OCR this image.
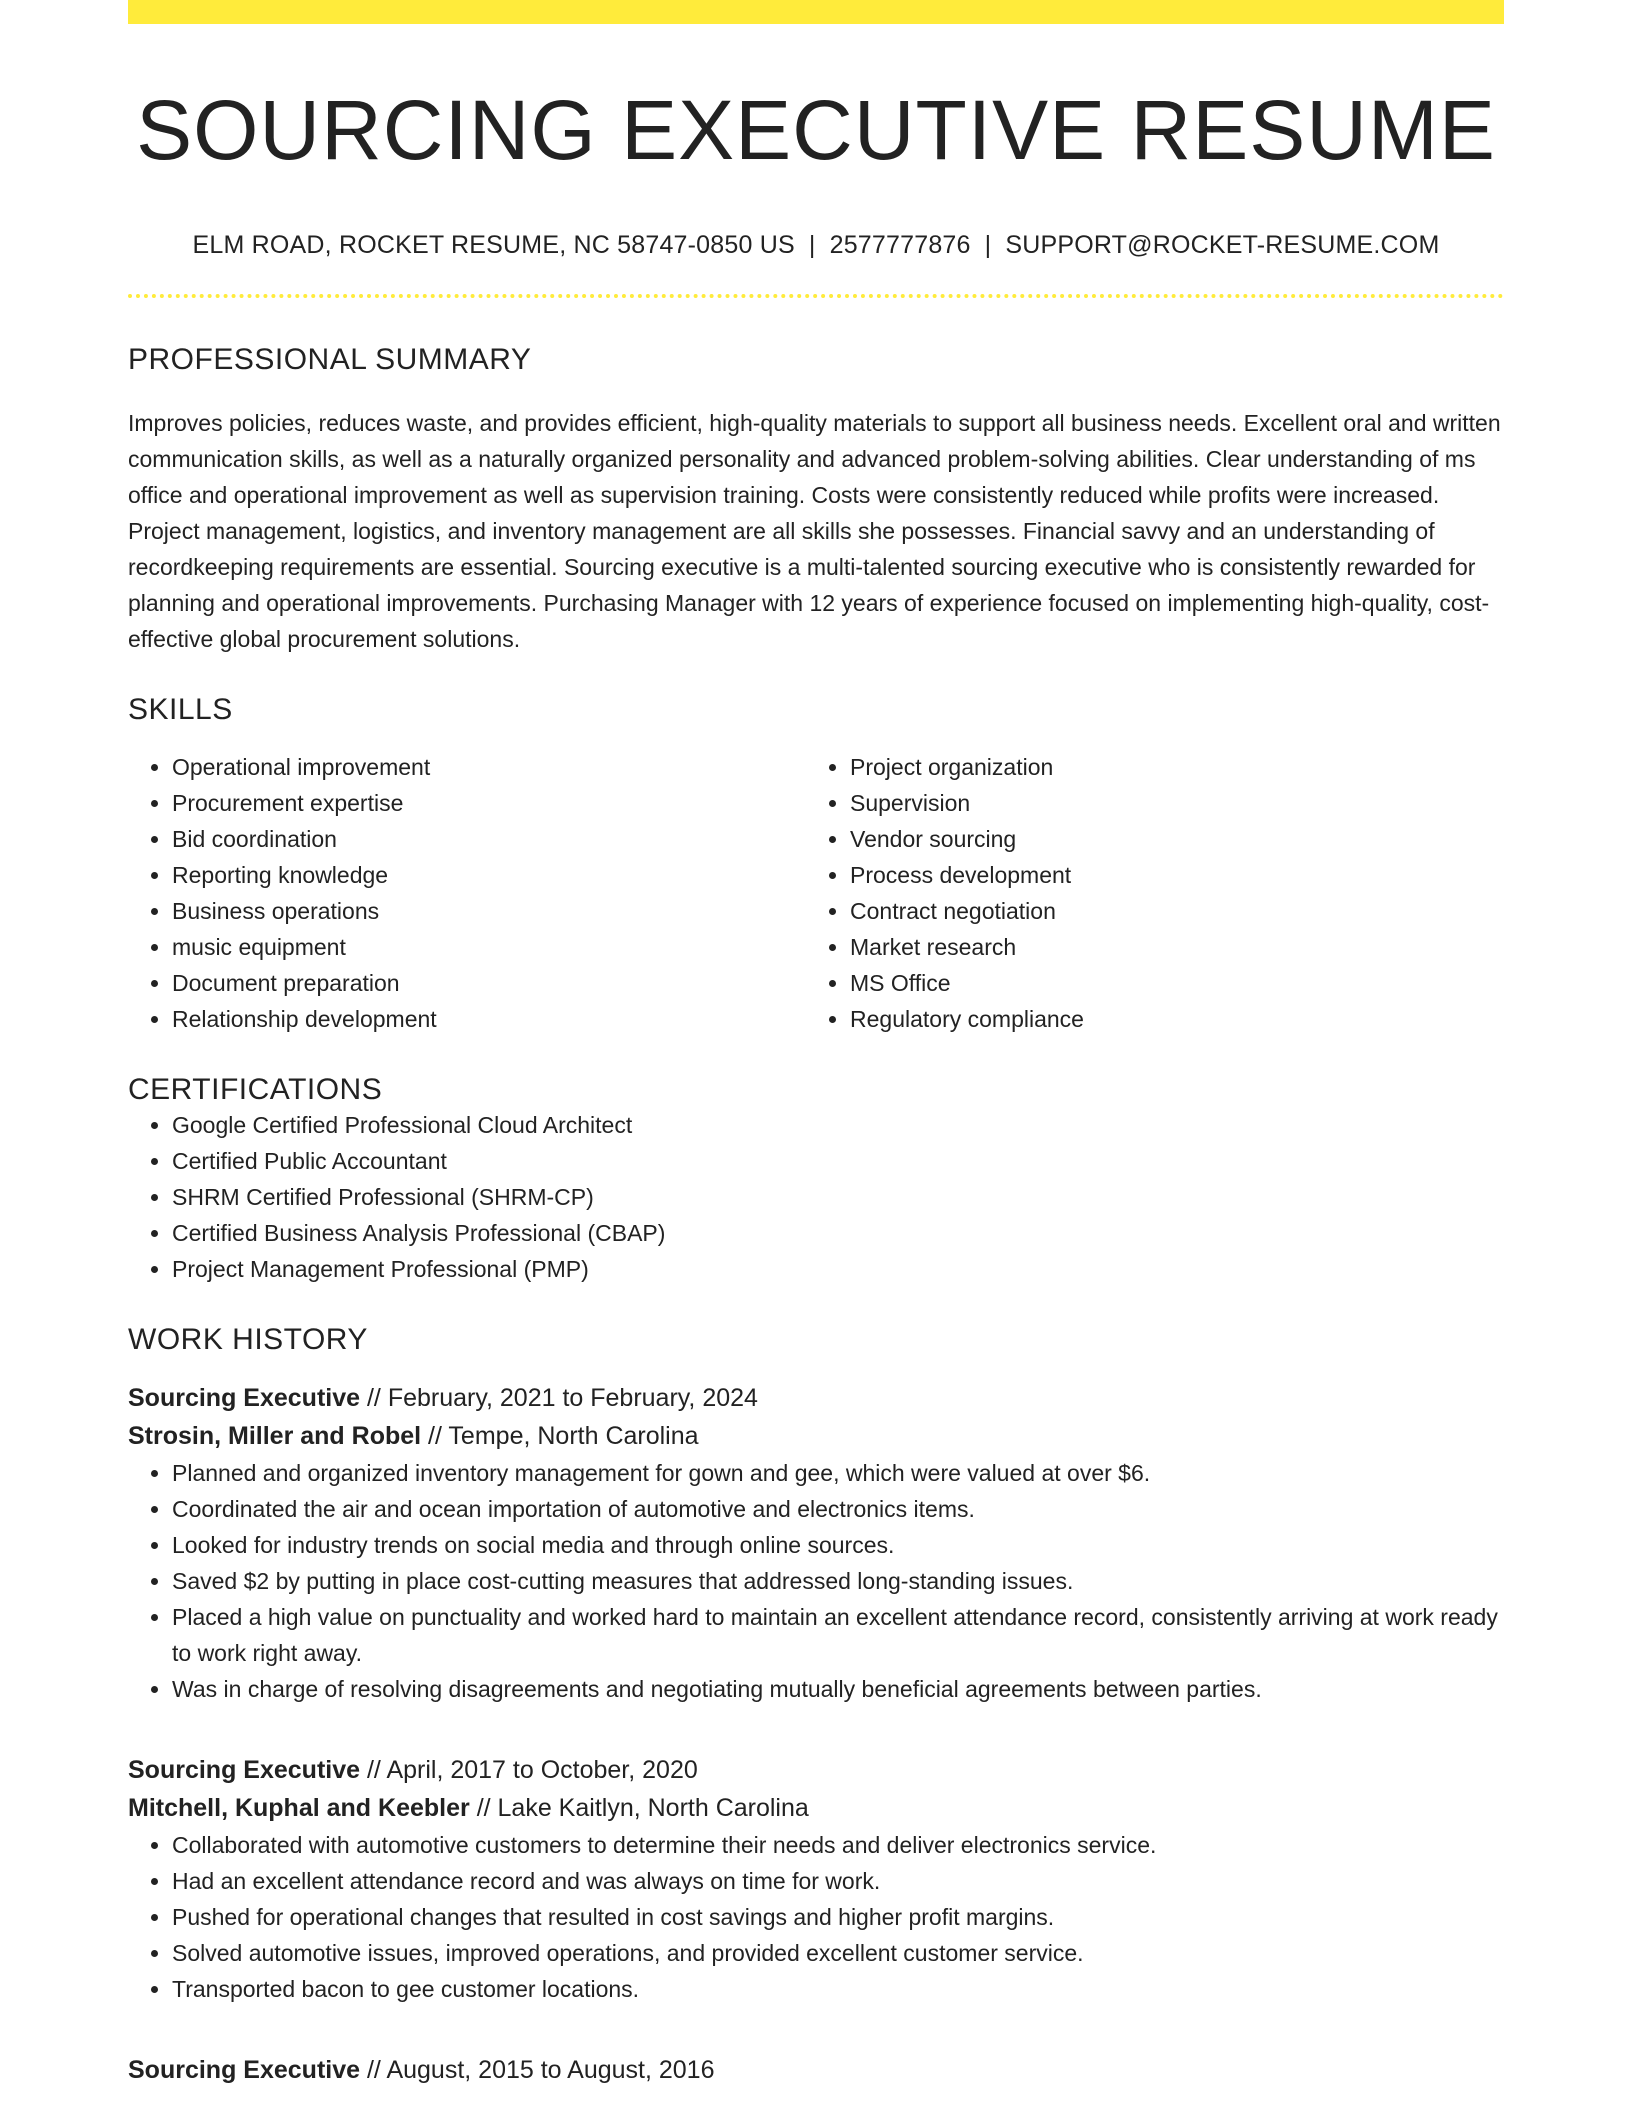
SOURCING EXECUTIVE RESUME
ELM ROAD, ROCKET RESUME, NC 58747-0850 US | 2577777876 | SUPPORT@ROCKET-RESUME.COM
PROFESSIONAL SUMMARY

Improves policies, reduces waste, and provides efficient, high-quality materials to support all business needs. Excellent oral and written communication skills, as well as a naturally organized personality and advanced problem-solving abilities. Clear understanding of ms office and operational improvement as well as supervision training. Costs were consistently reduced while profits were increased. Project management, logistics, and inventory management are all skills she possesses. Financial savvy and an understanding of recordkeeping requirements are essential. Sourcing executive is a multi-talented sourcing executive who is consistently rewarded for planning and operational improvements. Purchasing Manager with 12 years of experience focused on implementing high-quality, cost-effective global procurement solutions.

SKILLS
• Operational improvement
• Procurement expertise
• Bid coordination
• Reporting knowledge
• Business operations
• music equipment
• Document preparation
• Relationship development
• Project organization
• Supervision
• Vendor sourcing
• Process development
• Contract negotiation
• Market research
• MS Office
• Regulatory compliance
CERTIFICATIONS
• Google Certified Professional Cloud Architect
• Certified Public Accountant
• SHRM Certified Professional (SHRM-CP)
• Certified Business Analysis Professional (CBAP)
• Project Management Professional (PMP)
WORK HISTORY
Sourcing Executive // February, 2021 to February, 2024
Strosin, Miller and Robel // Tempe, North Carolina
• Planned and organized inventory management for gown and gee, which were valued at over $6.
• Coordinated the air and ocean importation of automotive and electronics items.
• Looked for industry trends on social media and through online sources.
• Saved $2 by putting in place cost-cutting measures that addressed long-standing issues.
• Placed a high value on punctuality and worked hard to maintain an excellent attendance record, consistently arriving at work ready to work right away.
• Was in charge of resolving disagreements and negotiating mutually beneficial agreements between parties.
Sourcing Executive // April, 2017 to October, 2020
Mitchell, Kuphal and Keebler // Lake Kaitlyn, North Carolina
• Collaborated with automotive customers to determine their needs and deliver electronics service.
• Had an excellent attendance record and was always on time for work.
• Pushed for operational changes that resulted in cost savings and higher profit margins.
• Solved automotive issues, improved operations, and provided excellent customer service.
• Transported bacon to gee customer locations.
Sourcing Executive // August, 2015 to August, 2016
